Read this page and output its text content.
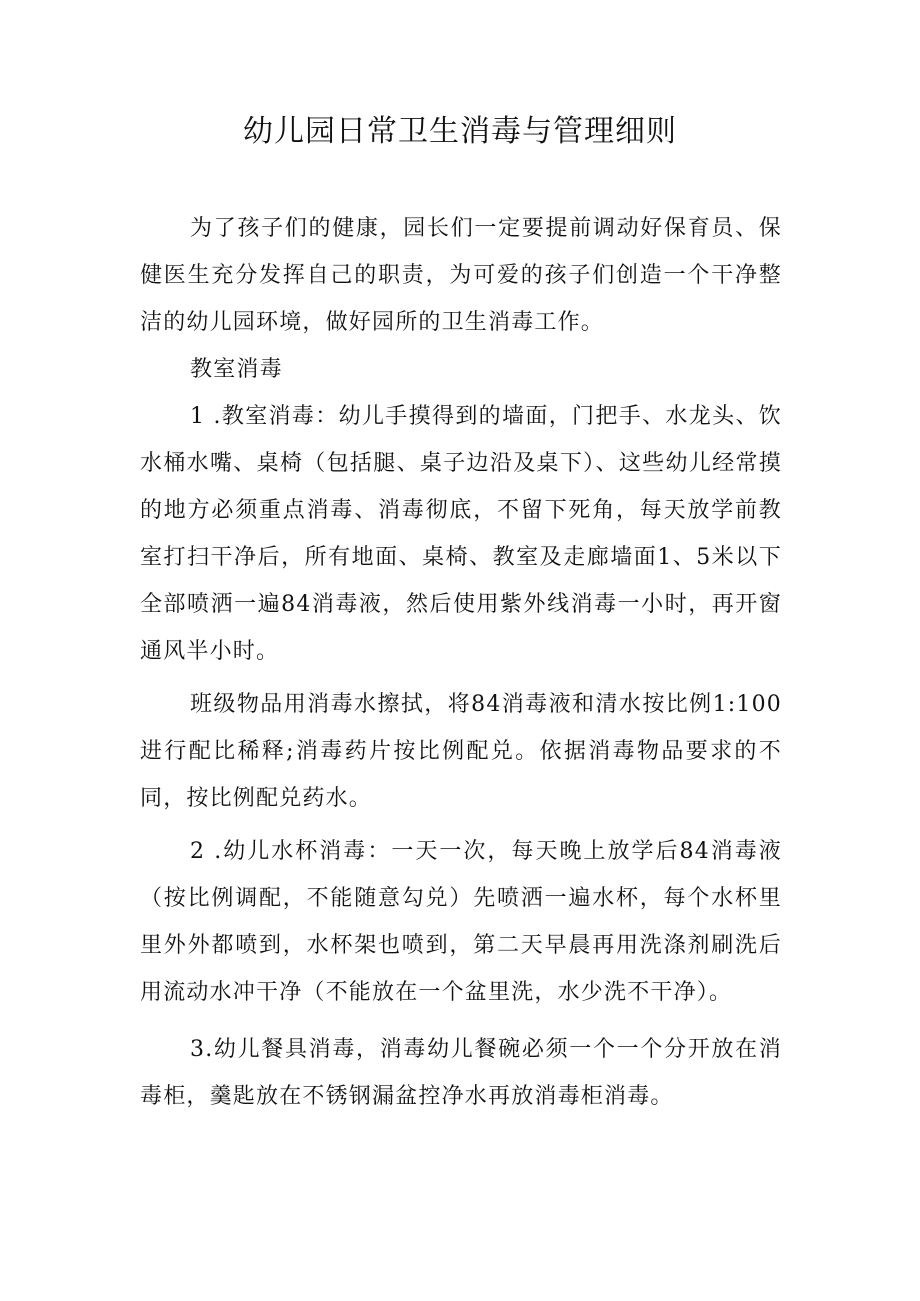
幼儿园日常卫生消毒与管理细则

为了孩子们的健康，园长们一定要提前调动好保育员、保健医生充分发挥自己的职责，为可爱的孩子们创造一个干净整洁的幼儿园环境，做好园所的卫生消毒工作。

教室消毒

1 .教室消毒：幼儿手摸得到的墙面，门把手、水龙头、饮水桶水嘴、桌椅（包括腿、桌子边沿及桌下）、这些幼儿经常摸的地方必须重点消毒、消毒彻底，不留下死角，每天放学前教室打扫干净后，所有地面、桌椅、教室及走廊墙面1、5米以下全部喷洒一遍84消毒液，然后使用紫外线消毒一小时，再开窗通风半小时。

班级物品用消毒水擦拭，将84消毒液和清水按比例1:100进行配比稀释;消毒药片按比例配兑。依据消毒物品要求的不同，按比例配兑药水。

2 .幼儿水杯消毒：一天一次，每天晚上放学后84消毒液（按比例调配，不能随意勾兑）先喷洒一遍水杯，每个水杯里里外外都喷到，水杯架也喷到，第二天早晨再用洗涤剂刷洗后用流动水冲干净（不能放在一个盆里洗，水少洗不干净）。

3.幼儿餐具消毒，消毒幼儿餐碗必须一个一个分开放在消毒柜，羹匙放在不锈钢漏盆控净水再放消毒柜消毒。
